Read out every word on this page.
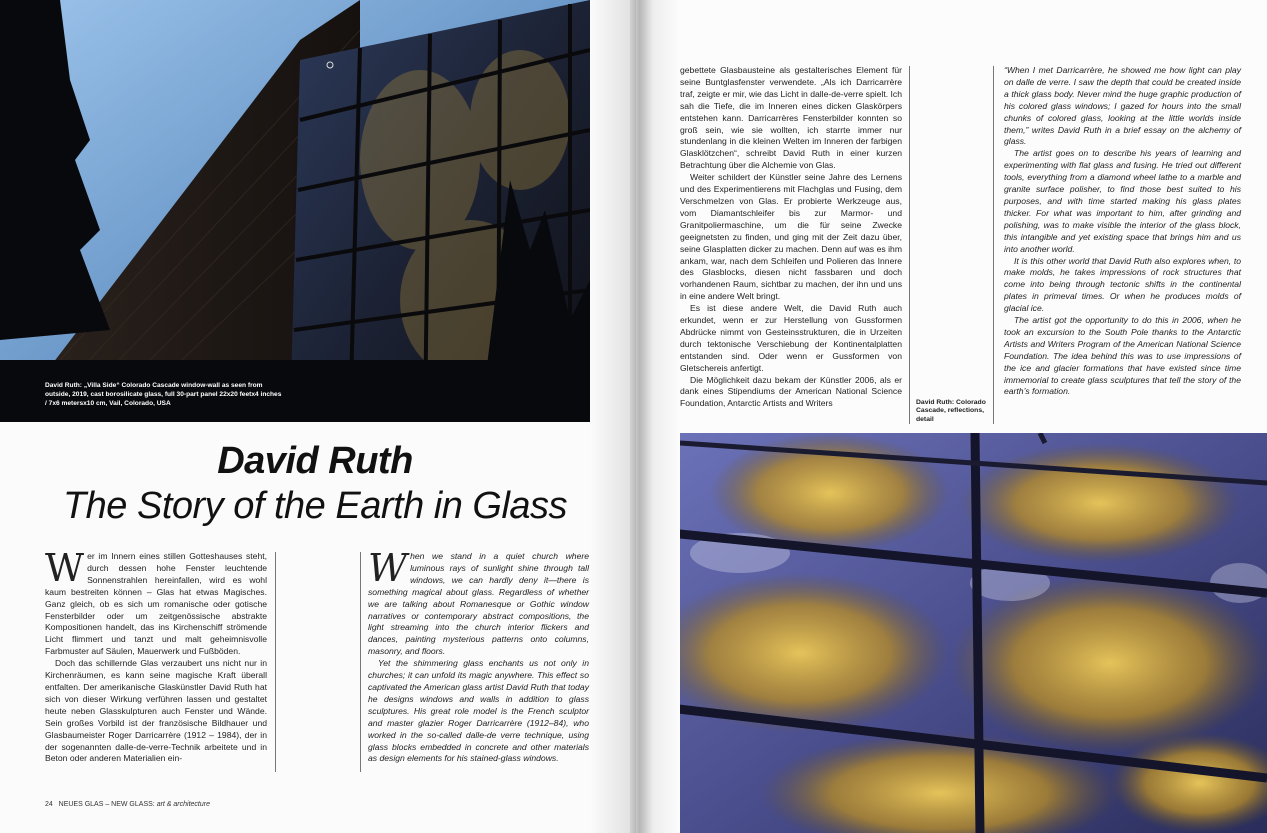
David Ruth: „Villa Side“ Colorado Cascade window-wall as seen from outside, 2019, cast borosilicate glass, full 30-part panel 22x20 feetx4 inches / 7x6 metersx10 cm, Vail, Colorado, USA
David Ruth
The Story of the Earth in Glass

Wer im Innern eines stillen Gotteshauses steht, durch dessen hohe Fenster leuchtende Sonnenstrahlen hereinfallen, wird es wohl kaum bestreiten können – Glas hat etwas Magisches. Ganz gleich, ob es sich um romanische oder gotische Fensterbilder oder um zeitgenössische abstrakte Kompositionen handelt, das ins Kirchenschiff strömende Licht flimmert und tanzt und malt geheimnisvolle Farbmuster auf Säulen, Mauerwerk und Fußböden.

Doch das schillernde Glas verzaubert uns nicht nur in Kirchenräumen, es kann seine magische Kraft überall entfalten. Der amerikanische Glaskünstler David Ruth hat sich von dieser Wirkung verführen lassen und gestaltet heute neben Glasskulpturen auch Fenster und Wände. Sein großes Vorbild ist der französische Bildhauer und Glasbaumeister Roger Darricarrère (1912 – 1984), der in der sogenannten dalle-de-verre-Technik arbeitete und in Beton oder anderen Materialien ein-

When we stand in a quiet church where luminous rays of sunlight shine through tall windows, we can hardly deny it—there is something magical about glass. Regardless of whether we are talking about Romanesque or Gothic window narratives or contemporary abstract compositions, the light streaming into the church interior flickers and dances, painting mysterious patterns onto columns, masonry, and floors.

Yet the shimmering glass enchants us not only in churches; it can unfold its magic anywhere. This effect so captivated the American glass artist David Ruth that today he designs windows and walls in addition to glass sculptures. His great role model is the French sculptor and master glazier Roger Darricarrère (1912–84), who worked in the so-called dalle-de verre technique, using glass blocks embedded in concrete and other materials as design elements for his stained-glass windows.

24 NEUES GLAS – NEW GLASS: art & architecture

gebettete Glasbausteine als gestalterisches Element für seine Buntglasfenster verwendete. „Als ich Darricarrère traf, zeigte er mir, wie das Licht in dalle-de-verre spielt. Ich sah die Tiefe, die im Inneren eines dicken Glaskörpers entstehen kann. Darricarrères Fensterbilder konnten so groß sein, wie sie wollten, ich starrte immer nur stundenlang in die kleinen Welten im Inneren der farbigen Glasklötzchen“, schreibt David Ruth in einer kurzen Betrachtung über die Alchemie von Glas.

Weiter schildert der Künstler seine Jahre des Lernens und des Experimentierens mit Flachglas und Fusing, dem Verschmelzen von Glas. Er probierte Werkzeuge aus, vom Diamantschleifer bis zur Marmor- und Granitpoliermaschine, um die für seine Zwecke geeignetsten zu finden, und ging mit der Zeit dazu über, seine Glasplatten dicker zu machen. Denn auf was es ihm ankam, war, nach dem Schleifen und Polieren das Innere des Glasblocks, diesen nicht fassbaren und doch vorhandenen Raum, sichtbar zu machen, der ihn und uns in eine andere Welt bringt.

Es ist diese andere Welt, die David Ruth auch erkundet, wenn er zur Herstellung von Gussformen Abdrücke nimmt von Gesteinsstrukturen, die in Urzeiten durch tektonische Verschiebung der Kontinentalplatten entstanden sind. Oder wenn er Gussformen von Gletschereis anfertigt.

Die Möglichkeit dazu bekam der Künstler 2006, als er dank eines Stipendiums der American National Science Foundation, Antarctic Artists and Writers	David Ruth: Colorado Cascade, reflections, detail

“When I met Darricarrère, he showed me how light can play on dalle de verre. I saw the depth that could be created inside a thick glass body. Never mind the huge graphic production of his colored glass windows; I gazed for hours into the small chunks of colored glass, looking at the little worlds inside them,” writes David Ruth in a brief essay on the alchemy of glass.

The artist goes on to describe his years of learning and experimenting with flat glass and fusing. He tried out different tools, everything from a diamond wheel lathe to a marble and granite surface polisher, to find those best suited to his purposes, and with time started making his glass plates thicker. For what was important to him, after grinding and polishing, was to make visible the interior of the glass block, this intangible and yet existing space that brings him and us into another world.

It is this other world that David Ruth also explores when, to make molds, he takes impressions of rock structures that come into being through tectonic shifts in the continental plates in primeval times. Or when he produces molds of glacial ice.

The artist got the opportunity to do this in 2006, when he took an excursion to the South Pole thanks to the Antarctic Artists and Writers Program of the American National Science Foundation. The idea behind this was to use impressions of the ice and glacier formations that have existed since time immemorial to create glass sculptures that tell the story of the earth’s formation.
